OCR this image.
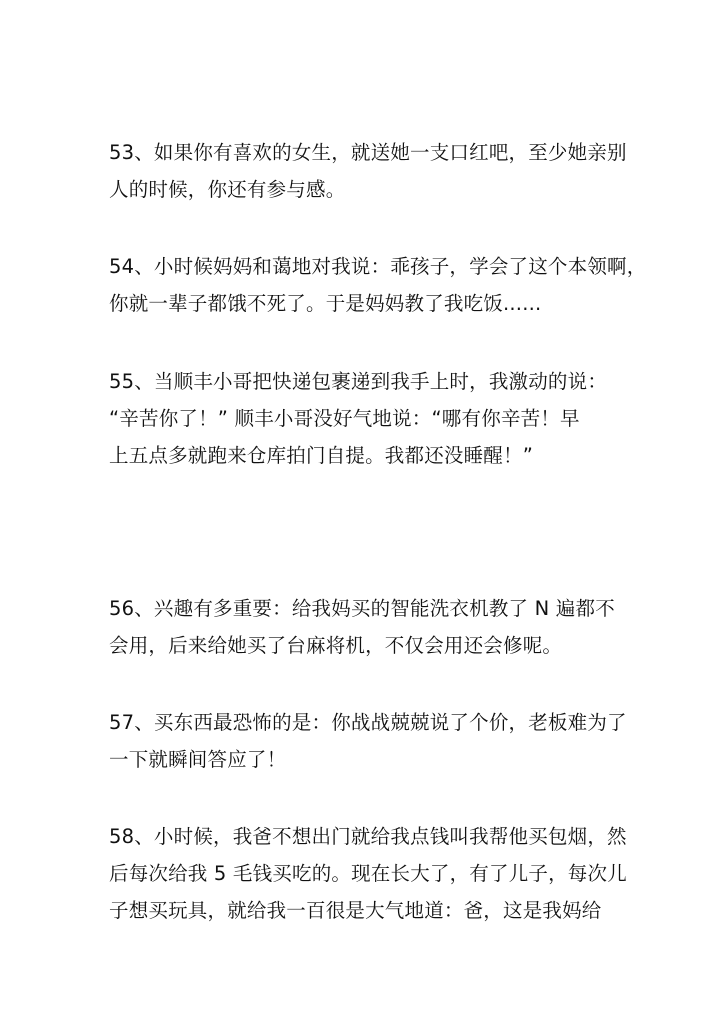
53、如果你有喜欢的女生，就送她一支口红吧，至少她亲别
人的时候，你还有参与感。

54、小时候妈妈和蔼地对我说：乖孩子，学会了这个本领啊，
你就一辈子都饿不死了。于是妈妈教了我吃饭......

55、当顺丰小哥把快递包裹递到我手上时，我激动的说：
“辛苦你了！” 顺丰小哥没好气地说：“哪有你辛苦！早
上五点多就跑来仓库拍门自提。我都还没睡醒！”

56、兴趣有多重要：给我妈买的智能洗衣机教了 N 遍都不
会用，后来给她买了台麻将机，不仅会用还会修呢。

57、买东西最恐怖的是：你战战兢兢说了个价，老板难为了
一下就瞬间答应了！

58、小时候，我爸不想出门就给我点钱叫我帮他买包烟，然
后每次给我 5 毛钱买吃的。现在长大了，有了儿子，每次儿
子想买玩具，就给我一百很是大气地道：爸，这是我妈给
